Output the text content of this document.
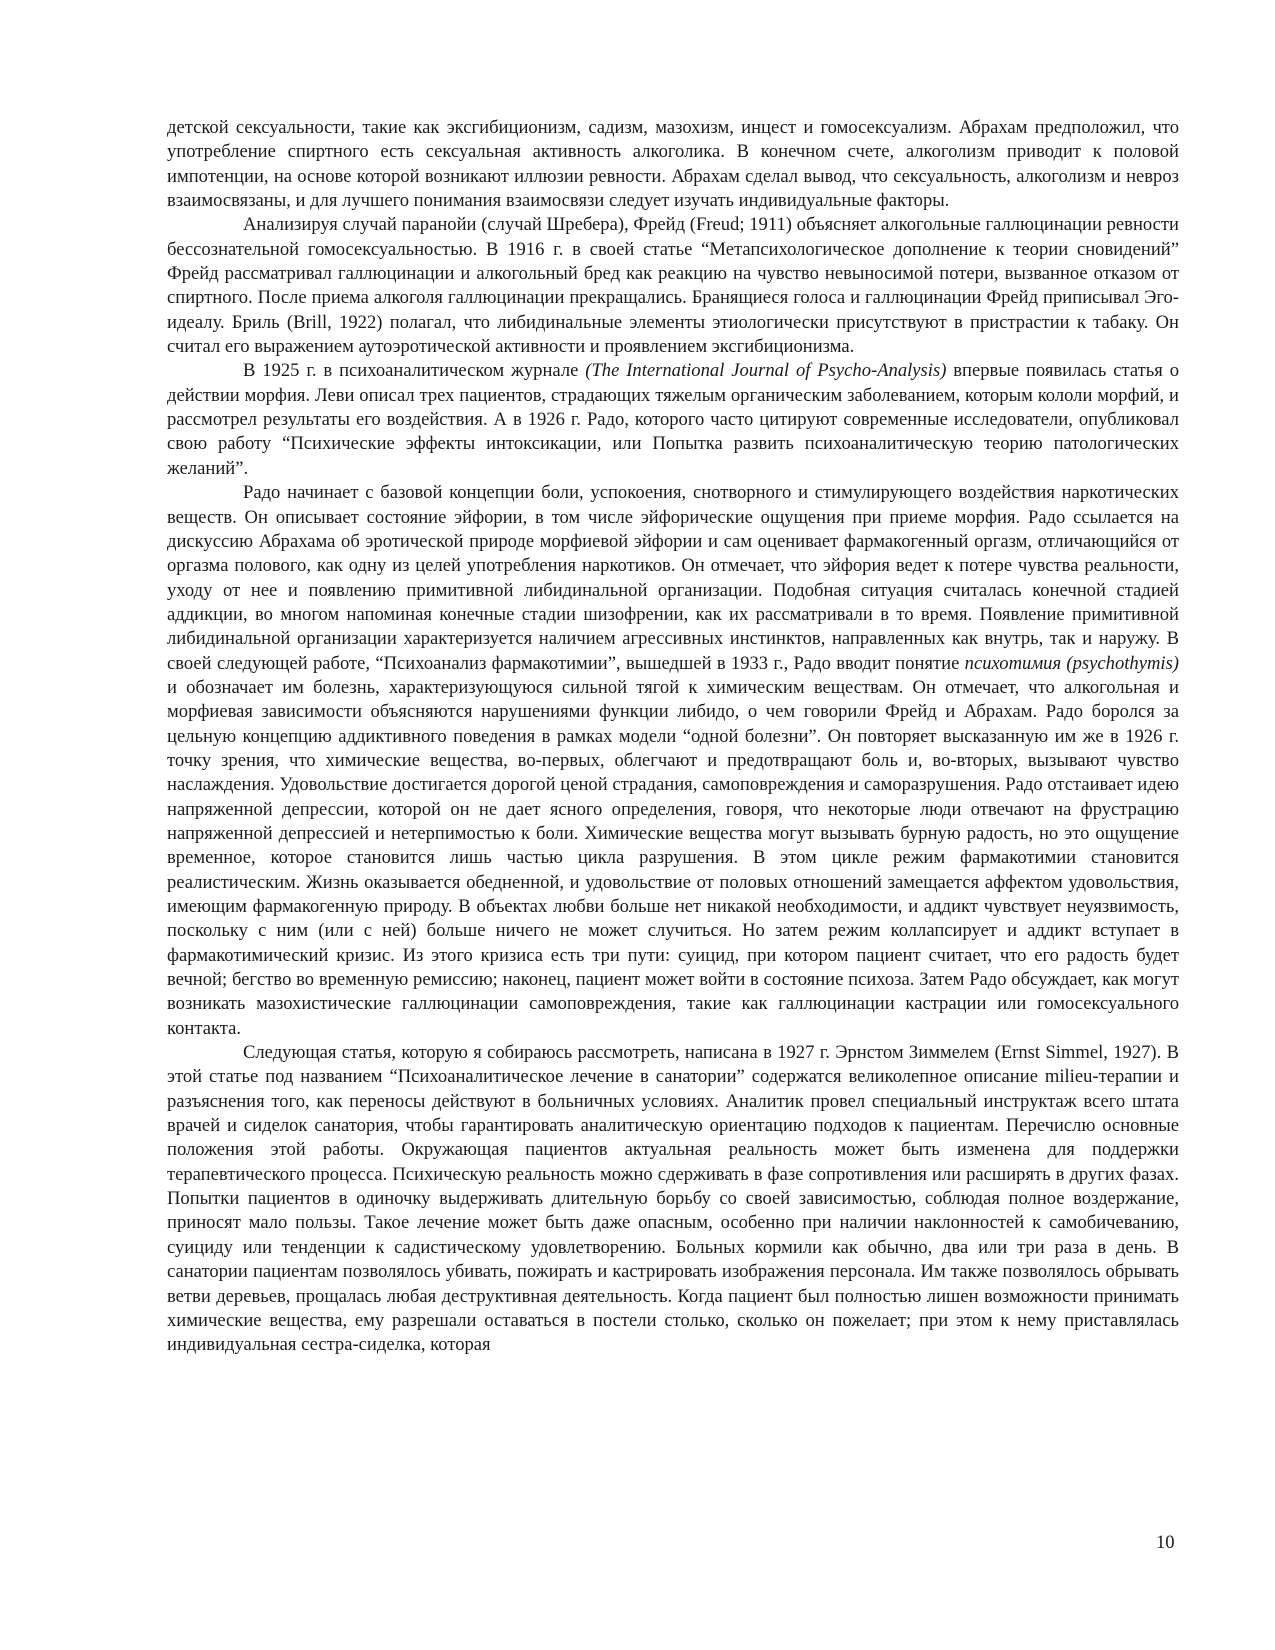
детской сексуальности, такие как эксгибиционизм, садизм, мазохизм, инцест и гомосексуализм. Абрахам предположил, что употребление спиртного есть сексуальная активность алкоголика. В конечном счете, алкоголизм приводит к половой импотенции, на основе которой возникают иллюзии ревности. Абрахам сделал вывод, что сексуальность, алкоголизм и невроз взаимосвязаны, и для лучшего понимания взаимосвязи следует изучать индивидуальные факторы.

Анализируя случай паранойи (случай Шребера), Фрейд (Freud; 1911) объясняет алкогольные галлюцинации ревности бессознательной гомосексуальностью. В 1916 г. в своей статье “Метапсихологическое дополнение к теории сновидений” Фрейд рассматривал галлюцинации и алкогольный бред как реакцию на чувство невыносимой потери, вызванное отказом от спиртного. После приема алкоголя галлюцинации прекращались. Бранящиеся голоса и галлюцинации Фрейд приписывал Эго-идеалу. Бриль (Brill, 1922) полагал, что либидинальные элементы этиологически присутствуют в пристрастии к табаку. Он считал его выражением аутоэротической активности и проявлением эксгибиционизма.

В 1925 г. в психоаналитическом журнале (The International Journal of Psycho-Analysis) впервые появилась статья о действии морфия. Леви описал трех пациентов, страдающих тяжелым органическим заболеванием, которым кололи морфий, и рассмотрел результаты его воздействия. А в 1926 г. Радо, которого часто цитируют современные исследователи, опубликовал свою работу “Психические эффекты интоксикации, или Попытка развить психоаналитическую теорию патологических желаний”.

Радо начинает с базовой концепции боли, успокоения, снотворного и стимулирующего воздействия наркотических веществ. Он описывает состояние эйфории, в том числе эйфорические ощущения при приеме морфия. Радо ссылается на дискуссию Абрахама об эротической природе морфиевой эйфории и сам оценивает фармакогенный оргазм, отличающийся от оргазма полового, как одну из целей употребления наркотиков. Он отмечает, что эйфория ведет к потере чувства реальности, уходу от нее и появлению примитивной либидинальной организации. Подобная ситуация считалась конечной стадией аддикции, во многом напоминая конечные стадии шизофрении, как их рассматривали в то время. Появление примитивной либидинальной организации характеризуется наличием агрессивных инстинктов, направленных как внутрь, так и наружу. В своей следующей работе, “Психоанализ фармакотимии”, вышедшей в 1933 г., Радо вводит понятие психотимия (psychothymis) и обозначает им болезнь, характеризующуюся сильной тягой к химическим веществам. Он отмечает, что алкогольная и морфиевая зависимости объясняются нарушениями функции либидо, о чем говорили Фрейд и Абрахам. Радо боролся за цельную концепцию аддиктивного поведения в рамках модели “одной болезни”. Он повторяет высказанную им же в 1926 г. точку зрения, что химические вещества, во-первых, облегчают и предотвращают боль и, во-вторых, вызывают чувство наслаждения. Удовольствие достигается дорогой ценой страдания, самоповреждения и саморазрушения. Радо отстаивает идею напряженной депрессии, которой он не дает ясного определения, говоря, что некоторые люди отвечают на фрустрацию напряженной депрессией и нетерпимостью к боли. Химические вещества могут вызывать бурную радость, но это ощущение временное, которое становится лишь частью цикла разрушения. В этом цикле режим фармакотимии становится реалистическим. Жизнь оказывается обедненной, и удовольствие от половых отношений замещается аффектом удовольствия, имеющим фармакогенную природу. В объектах любви больше нет никакой необходимости, и аддикт чувствует неуязвимость, поскольку с ним (или с ней) больше ничего не может случиться. Но затем режим коллапсирует и аддикт вступает в фармакотимический кризис. Из этого кризиса есть три пути: суицид, при котором пациент считает, что его радость будет вечной; бегство во временную ремиссию; наконец, пациент может войти в состояние психоза. Затем Радо обсуждает, как могут возникать мазохистические галлюцинации самоповреждения, такие как галлюцинации кастрации или гомосексуального контакта.

Следующая статья, которую я собираюсь рассмотреть, написана в 1927 г. Эрнстом Зиммелем (Ernst Simmel, 1927). В этой статье под названием “Психоаналитическое лечение в санатории” содержатся великолепное описание milieu-терапии и разъяснения того, как переносы действуют в больничных условиях. Аналитик провел специальный инструктаж всего штата врачей и сиделок санатория, чтобы гарантировать аналитическую ориентацию подходов к пациентам. Перечислю основные положения этой работы. Окружающая пациентов актуальная реальность может быть изменена для поддержки терапевтического процесса. Психическую реальность можно сдерживать в фазе сопротивления или расширять в других фазах. Попытки пациентов в одиночку выдерживать длительную борьбу со своей зависимостью, соблюдая полное воздержание, приносят мало пользы. Такое лечение может быть даже опасным, особенно при наличии наклонностей к самобичеванию, суициду или тенденции к садистическому удовлетворению. Больных кормили как обычно, два или три раза в день. В санатории пациентам позволялось убивать, пожирать и кастрировать изображения персонала. Им также позволялось обрывать ветви деревьев, прощалась любая деструктивная деятельность. Когда пациент был полностью лишен возможности принимать химические вещества, ему разрешали оставаться в постели столько, сколько он пожелает; при этом к нему приставлялась индивидуальная сестра-сиделка, которая

10
